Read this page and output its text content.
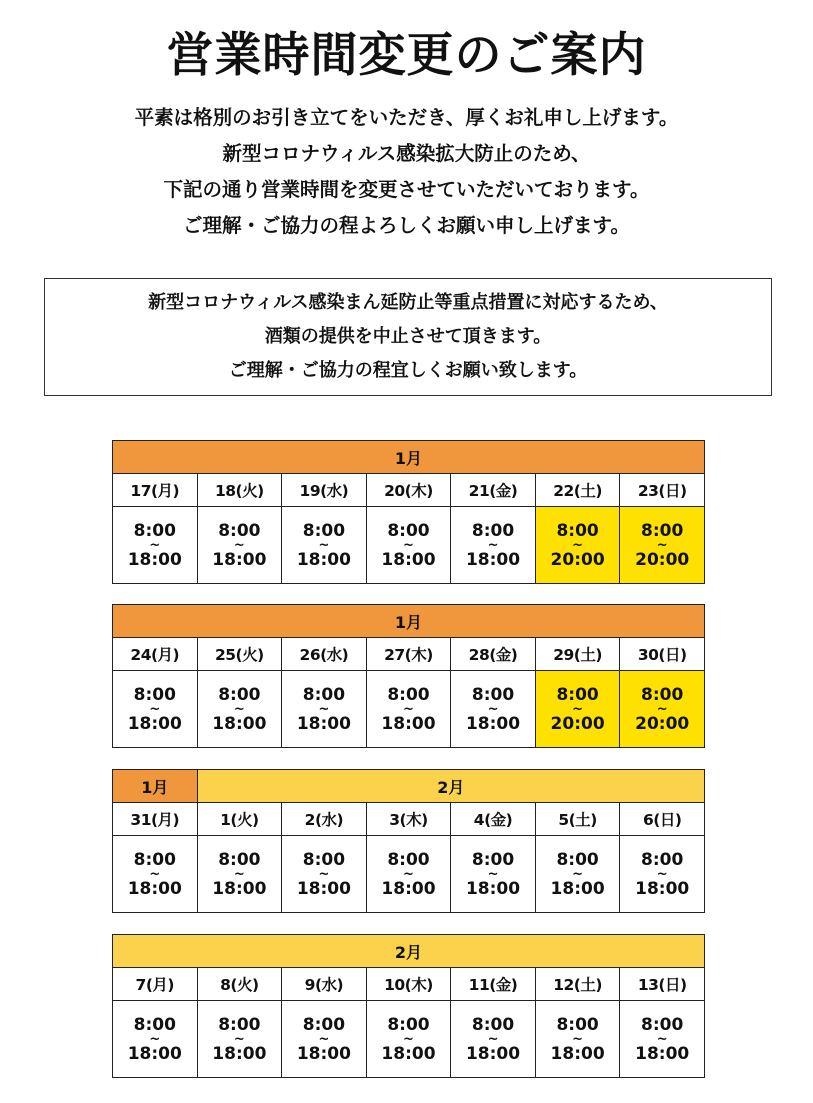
営業時間変更のご案内
平素は格別のお引き立てをいただき、厚くお礼申し上げます。
新型コロナウィルス感染拡大防止のため、
下記の通り営業時間を変更させていただいております。
ご理解・ご協力の程よろしくお願い申し上げます。
新型コロナウィルス感染まん延防止等重点措置に対応するため、
酒類の提供を中止させて頂きます。
ご理解・ご協力の程宜しくお願い致します。
1月						
17(月)	18(火)	19(水)	20(木)	21(金)	22(土)	23(日)
8:00
~
18:00	8:00
~
18:00	8:00
~
18:00	8:00
~
18:00	8:00
~
18:00	8:00
~
20:00	8:00
~
20:00
1月						
24(月)	25(火)	26(水)	27(木)	28(金)	29(土)	30(日)
8:00
~
18:00	8:00
~
18:00	8:00
~
18:00	8:00
~
18:00	8:00
~
18:00	8:00
~
20:00	8:00
~
20:00
1月	2月					
31(月)	1(火)	2(水)	3(木)	4(金)	5(土)	6(日)
8:00
~
18:00	8:00
~
18:00	8:00
~
18:00	8:00
~
18:00	8:00
~
18:00	8:00
~
18:00	8:00
~
18:00
2月						
7(月)	8(火)	9(水)	10(木)	11(金)	12(土)	13(日)
8:00
~
18:00	8:00
~
18:00	8:00
~
18:00	8:00
~
18:00	8:00
~
18:00	8:00
~
18:00	8:00
~
18:00
